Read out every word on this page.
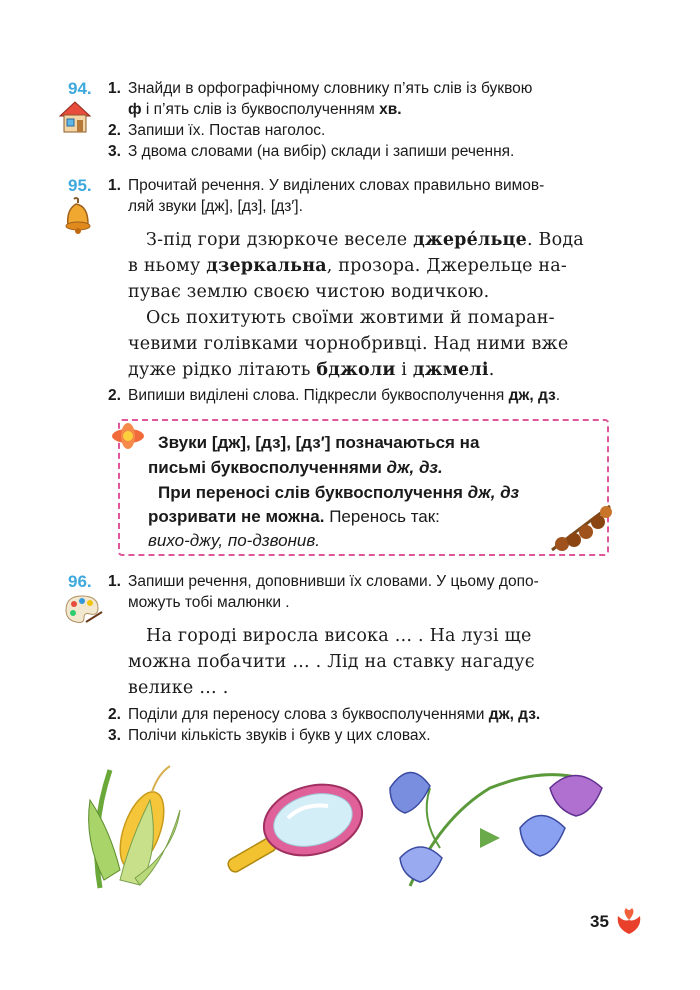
94. 1. Знайди в орфографічному словнику п’ять слів із буквою
ф і п’ять слів із буквосполученням хв.
2. Запиши їх. Постав наголос.
3. З двома словами (на вибір) склади і запиши речення.
95. 1. Прочитай речення. У виділених словах правильно вимов-
ляй звуки [дж], [дз], [дз′].
З-під гори дзюркоче веселе джере́льце. Вода
в ньому дзеркальна, прозора. Джерельце на-
пуває землю своєю чистою водичкою.
Ось похитують своїми жовтими й помаран-
чевими голівками чорнобривці. Над ними вже
дуже рідко літають бджоли і джмелі.
2. Випиши виділені слова. Підкресли буквосполучення дж, дз.
Звуки [дж], [дз], [дз′] позначаються на
письмі буквосполученнями дж, дз.
При переносі слів буквосполучення дж, дз
розривати не можна. Перенось так:
вихо-джу, по-дзвонив.
96. 1. Запиши речення, доповнивши їх словами. У цьому допо-
можуть тобі малюнки .
На городі виросла висока … . На лузі ще
можна побачити … . Лід на ставку нагадує
велике … .
2. Поділи для переносу слова з буквосполученнями дж, дз.
3. Полічи кількість звуків і букв у цих словах.
35
